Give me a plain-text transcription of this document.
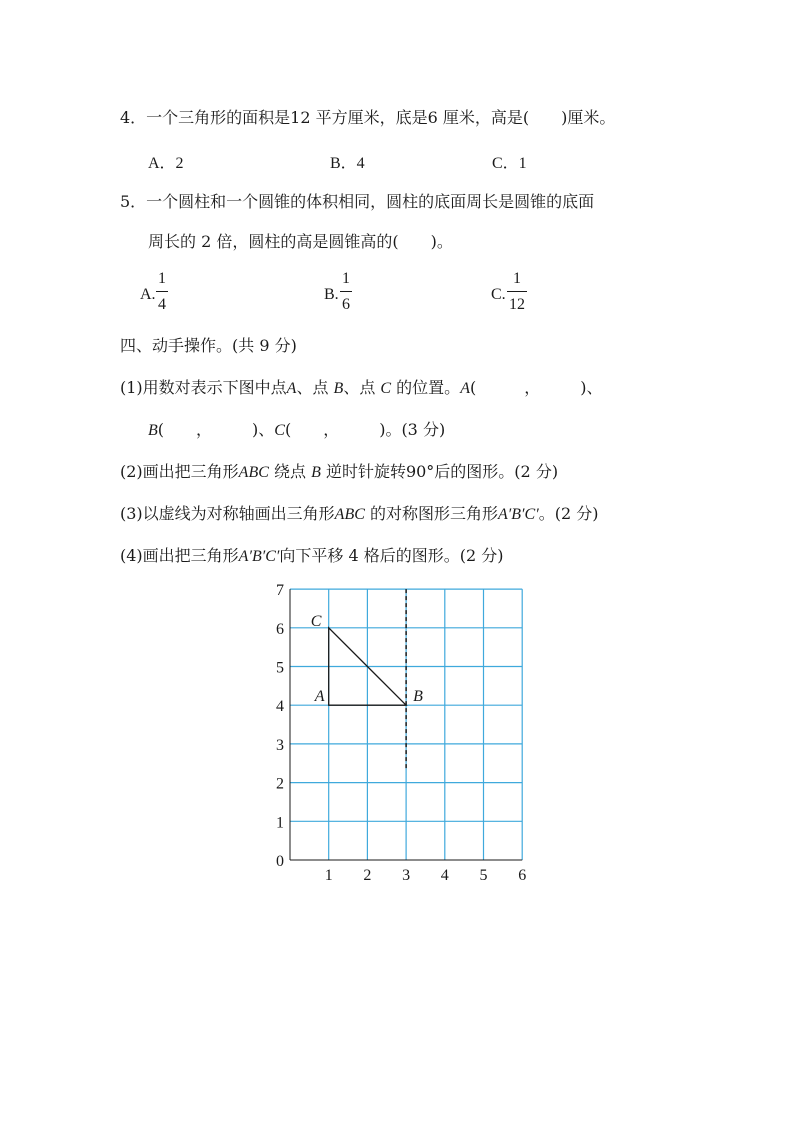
4．一个三角形的面积是12 平方厘米，底是6 厘米，高是(　　)厘米。
A．2	B．4	C．1
5．一个圆柱和一个圆锥的体积相同，圆柱的底面周长是圆锥的底面
周长的 2 倍，圆柱的高是圆锥高的(　　)。
A.
1
4
B.
1
6
C.
1
12
四、动手操作。(共 9 分)
(1)用数对表示下图中点A、点 B、点 C 的位置。A(　　　，　　　)、
B(　　，　　　)、C(　　，　　　)。(3 分)
(2)画出把三角形ABC 绕点 B 逆时针旋转90°后的图形。(2 分)
(3)以虚线为对称轴画出三角形ABC 的对称图形三角形A′B′C′。(2 分)
(4)画出把三角形A′B′C′向下平移 4 格后的图形。(2 分)
1 2 3 4 5 6
0
1
2
3
4
5
6
7
A	B
C
